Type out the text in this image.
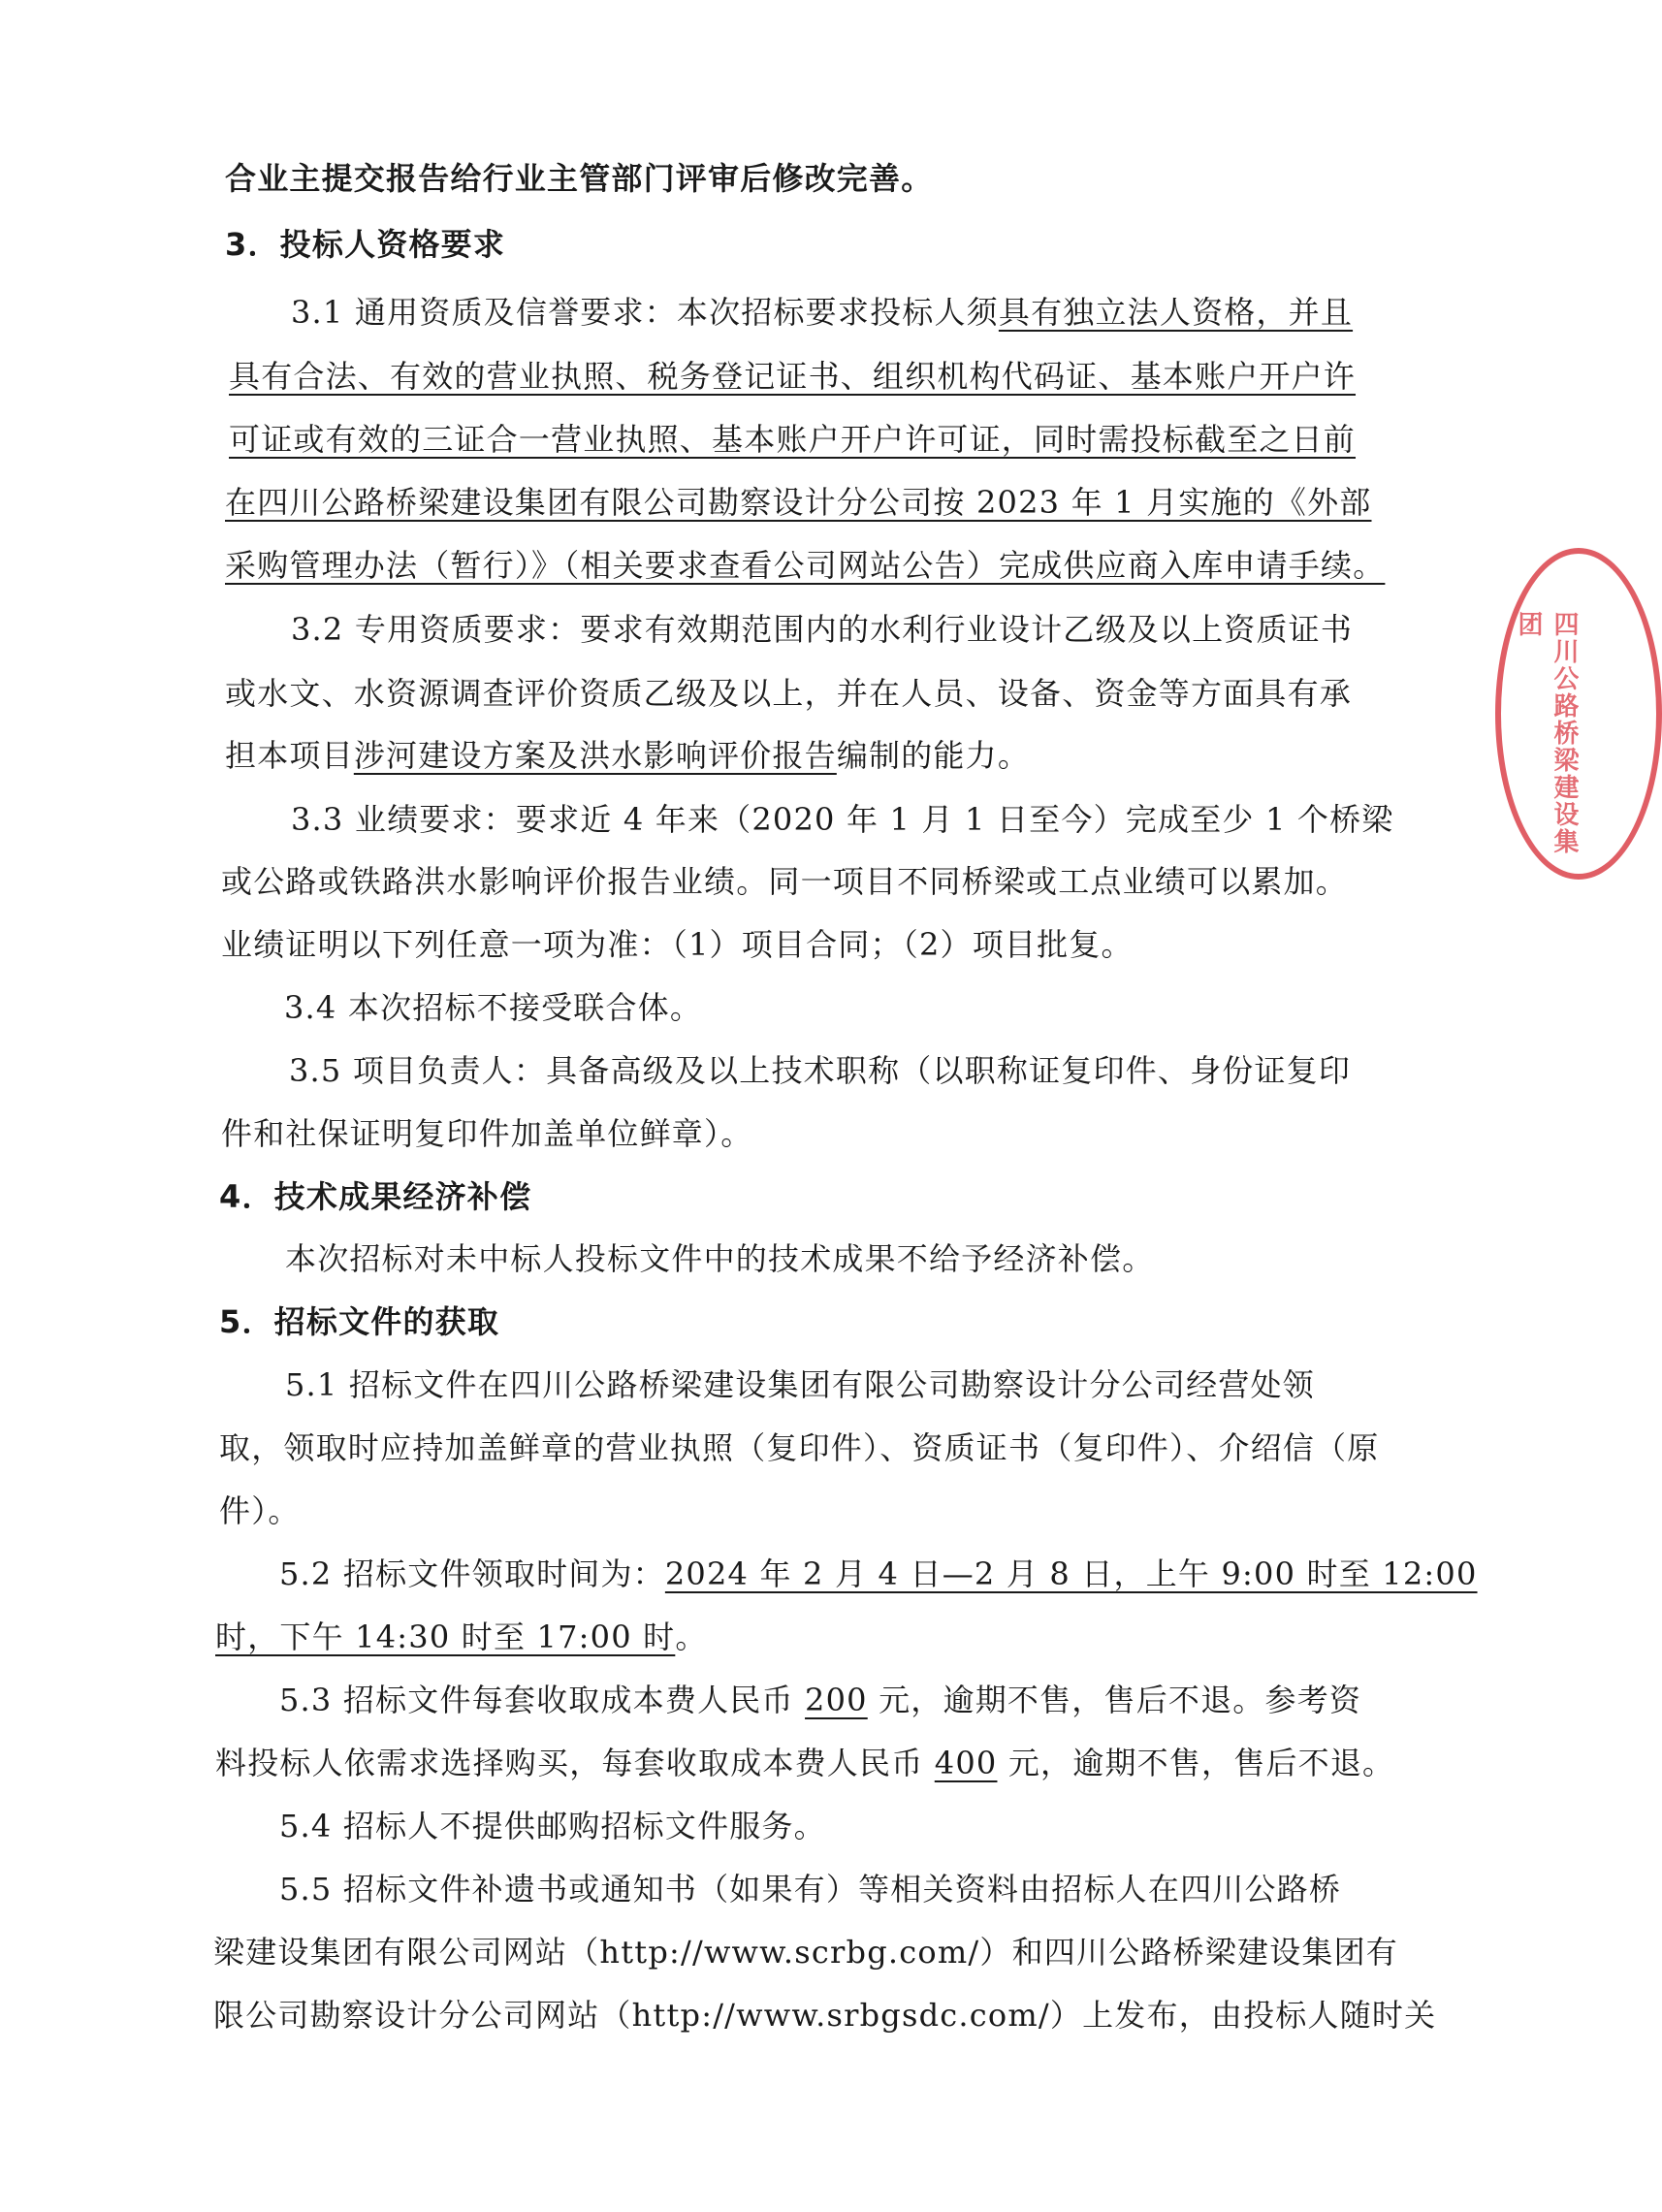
合业主提交报告给行业主管部门评审后修改完善。

3．投标人资格要求

3.1 通用资质及信誉要求：本次招标要求投标人须具有独立法人资格，并且

具有合法、有效的营业执照、税务登记证书、组织机构代码证、基本账户开户许

可证或有效的三证合一营业执照、基本账户开户许可证，同时需投标截至之日前

在四川公路桥梁建设集团有限公司勘察设计分公司按 2023 年 1 月实施的《外部

采购管理办法（暂行）》（相关要求查看公司网站公告）完成供应商入库申请手续。

3.2 专用资质要求：要求有效期范围内的水利行业设计乙级及以上资质证书

或水文、水资源调查评价资质乙级及以上，并在人员、设备、资金等方面具有承

担本项目涉河建设方案及洪水影响评价报告编制的能力。

3.3 业绩要求：要求近 4 年来（2020 年 1 月 1 日至今）完成至少 1 个桥梁

或公路或铁路洪水影响评价报告业绩。同一项目不同桥梁或工点业绩可以累加。

业绩证明以下列任意一项为准：（1）项目合同；（2）项目批复。

3.4 本次招标不接受联合体。

3.5 项目负责人：具备高级及以上技术职称（以职称证复印件、身份证复印

件和社保证明复印件加盖单位鲜章）。

4．技术成果经济补偿

本次招标对未中标人投标文件中的技术成果不给予经济补偿。

5．招标文件的获取

5.1 招标文件在四川公路桥梁建设集团有限公司勘察设计分公司经营处领

取，领取时应持加盖鲜章的营业执照（复印件）、资质证书（复印件）、介绍信（原

件）。

5.2 招标文件领取时间为：2024 年 2 月 4 日—2 月 8 日，上午 9:00 时至 12:00

时，下午 14:30 时至 17:00 时。

5.3 招标文件每套收取成本费人民币 200 元，逾期不售，售后不退。参考资

料投标人依需求选择购买，每套收取成本费人民币 400 元，逾期不售，售后不退。

5.4 招标人不提供邮购招标文件服务。

5.5 招标文件补遗书或通知书（如果有）等相关资料由招标人在四川公路桥

梁建设集团有限公司网站（http://www.scrbg.com/）和四川公路桥梁建设集团有

限公司勘察设计分公司网站（http://www.srbgsdc.com/）上发布，由投标人随时关

四川公路桥梁建设集团
